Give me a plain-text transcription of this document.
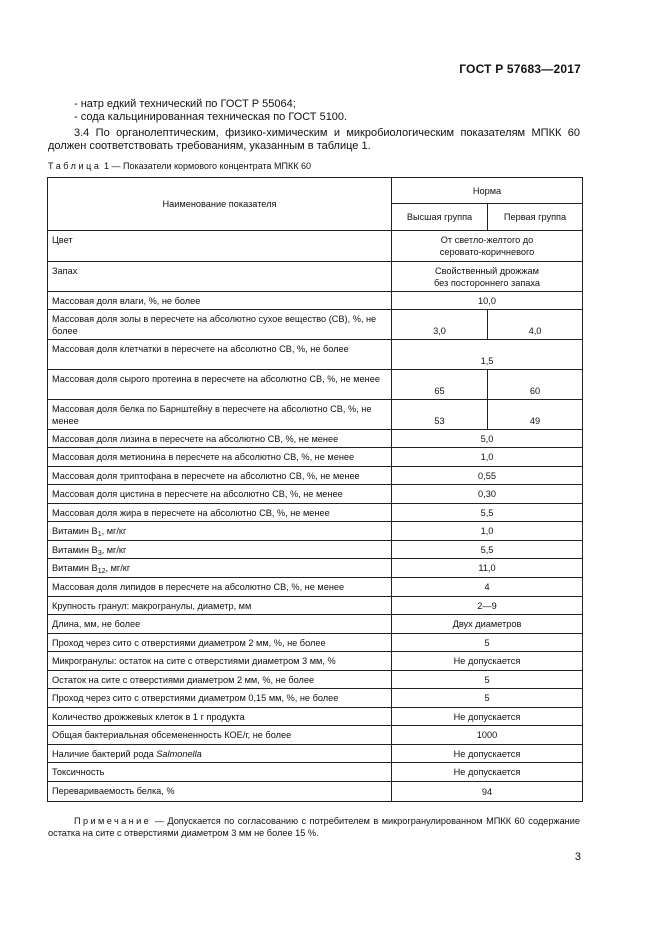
ГОСТ Р 57683—2017
- натр едкий технический по ГОСТ Р 55064;
- сода кальцинированная техническая по ГОСТ 5100.
3.4 По органолептическим, физико-химическим и микробиологическим показателям МПКК 60 должен соответствовать требованиям, указанным в таблице 1.
Таблица 1 — Показатели кормового концентрата МПКК 60
Наименование показателя	Норма	
	Высшая группа	Первая группа
Цвет	От светло-желтого до серовато-коричневого	
Запах	Свойственный дрожжам без постороннего запаха	
Массовая доля влаги, %, не более	10,0	
Массовая доля золы в пересчете на абсолютно сухое вещество (СВ), %, не более	3,0	4,0
Массовая доля клетчатки в пересчете на абсолютно СВ, %, не более	1,5	
Массовая доля сырого протеина в пересчете на абсолютно СВ, %, не менее	65	60
Массовая доля белка по Барнштейну в пересчете на абсолютно СВ, %, не менее	53	49
Массовая доля лизина в пересчете на абсолютно СВ, %, не менее	5,0	
Массовая доля метионина в пересчете на абсолютно СВ, %, не менее	1,0	
Массовая доля триптофана в пересчете на абсолютно СВ, %, не менее	0,55	
Массовая доля цистина в пересчете на абсолютно СВ, %, не менее	0,30	
Массовая доля жира в пересчете на абсолютно СВ, %, не менее	5,5	
Витамин $В_1$, мг/кг	1,0	
Витамин $В_3$, мг/кг	5,5	
Витамин $В_{12}$, мг/кг	11,0	
Массовая доля липидов в пересчете на абсолютно СВ, %, не менее	4	
Крупность гранул: макрогранулы, диаметр, мм	2—9	
Длина, мм, не более	Двух диаметров	
Проход через сито с отверстиями диаметром 2 мм, %, не более	5	
Микрогранулы: остаток на сите с отверстиями диаметром 3 мм, %	Не допускается	
Остаток на сите с отверстиями диаметром 2 мм, %, не более	5	
Проход через сито с отверстиями диаметром 0,15 мм, %, не более	5	
Количество дрожжевых клеток в 1 г продукта	Не допускается	
Общая бактериальная обсемененность КОЕ/г, не более	1000	
Наличие бактерий рода Salmonella	Не допускается	
Токсичность	Не допускается	
Перевариваемость белка, %	94	
Примечание — Допускается по согласованию с потребителем в микрогранулированном МПКК 60 содержание остатка на сите с отверстиями диаметром 3 мм не более 15 %.
3
